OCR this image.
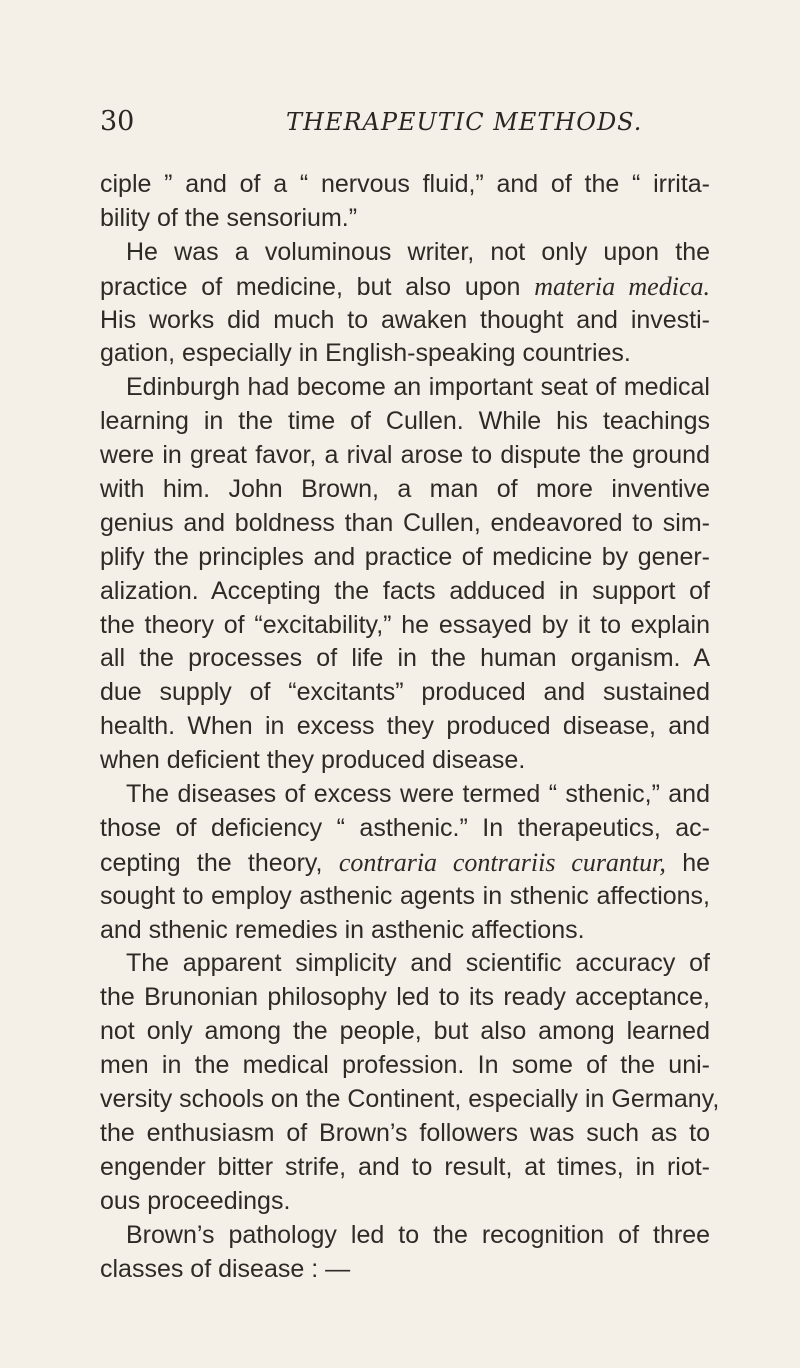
30	THERAPEUTIC METHODS.
ciple ” and of a “ nervous fluid,” and of the “ irrita-
bility of the sensorium.”
He was a voluminous writer, not only upon the
practice of medicine, but also upon materia medica.
His works did much to awaken thought and investi-
gation, especially in English-speaking countries.
Edinburgh had become an important seat of medical
learning in the time of Cullen. While his teachings
were in great favor, a rival arose to dispute the ground
with him. John Brown, a man of more inventive
genius and boldness than Cullen, endeavored to sim-
plify the principles and practice of medicine by gener-
alization. Accepting the facts adduced in support of
the theory of “excitability,” he essayed by it to explain
all the processes of life in the human organism. A
due supply of “excitants” produced and sustained
health. When in excess they produced disease, and
when deficient they produced disease.
The diseases of excess were termed “ sthenic,” and
those of deficiency “ asthenic.” In therapeutics, ac-
cepting the theory, contraria contrariis curantur, he
sought to employ asthenic agents in sthenic affections,
and sthenic remedies in asthenic affections.
The apparent simplicity and scientific accuracy of
the Brunonian philosophy led to its ready acceptance,
not only among the people, but also among learned
men in the medical profession. In some of the uni-
versity schools on the Continent, especially in Germany,
the enthusiasm of Brown’s followers was such as to
engender bitter strife, and to result, at times, in riot-
ous proceedings.
Brown’s pathology led to the recognition of three
classes of disease : —
